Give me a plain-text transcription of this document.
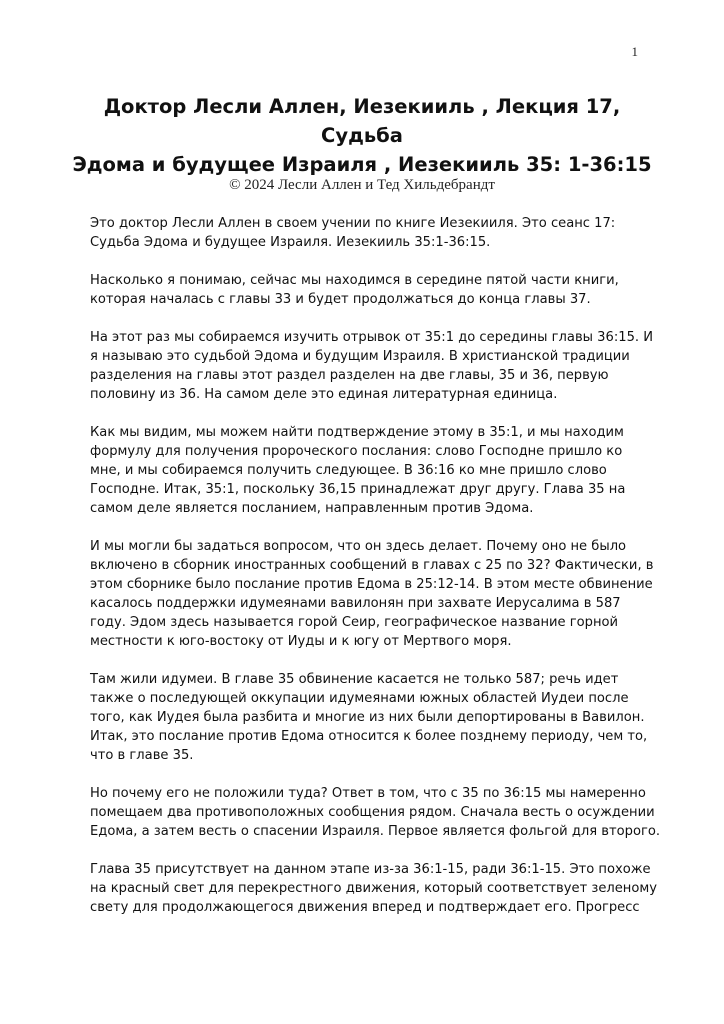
1
Доктор Лесли Аллен, Иезекииль , Лекция 17,
Судьба
Эдома и будущее Израиля , Иезекииль 35: 1-36:15
© 2024 Лесли Аллен и Тед Хильдебрандт

Это доктор Лесли Аллен в своем учении по книге Иезекииля. Это сеанс 17:
Судьба Эдома и будущее Израиля. Иезекииль 35:1-36:15.

Насколько я понимаю, сейчас мы находимся в середине пятой части книги,
которая началась с главы 33 и будет продолжаться до конца главы 37.

На этот раз мы собираемся изучить отрывок от 35:1 до середины главы 36:15. И
я называю это судьбой Эдома и будущим Израиля. В христианской традиции
разделения на главы этот раздел разделен на две главы, 35 и 36, первую
половину из 36. На самом деле это единая литературная единица.

Как мы видим, мы можем найти подтверждение этому в 35:1, и мы находим
формулу для получения пророческого послания: слово Господне пришло ко
мне, и мы собираемся получить следующее. В 36:16 ко мне пришло слово
Господне. Итак, 35:1, поскольку 36,15 принадлежат друг другу. Глава 35 на
самом деле является посланием, направленным против Эдома.

И мы могли бы задаться вопросом, что он здесь делает. Почему оно не было
включено в сборник иностранных сообщений в главах с 25 по 32? Фактически, в
этом сборнике было послание против Едома в 25:12-14. В этом месте обвинение
касалось поддержки идумеянами вавилонян при захвате Иерусалима в 587
году. Эдом здесь называется горой Сеир, географическое название горной
местности к юго-востоку от Иуды и к югу от Мертвого моря.

Там жили идумеи. В главе 35 обвинение касается не только 587; речь идет
также о последующей оккупации идумеянами южных областей Иудеи после
того, как Иудея была разбита и многие из них были депортированы в Вавилон.
Итак, это послание против Едома относится к более позднему периоду, чем то,
что в главе 35.

Но почему его не положили туда? Ответ в том, что с 35 по 36:15 мы намеренно
помещаем два противоположных сообщения рядом. Сначала весть о осуждении
Едома, а затем весть о спасении Израиля. Первое является фольгой для второго.

Глава 35 присутствует на данном этапе из-за 36:1-15, ради 36:1-15. Это похоже
на красный свет для перекрестного движения, который соответствует зеленому
свету для продолжающегося движения вперед и подтверждает его. Прогресс
